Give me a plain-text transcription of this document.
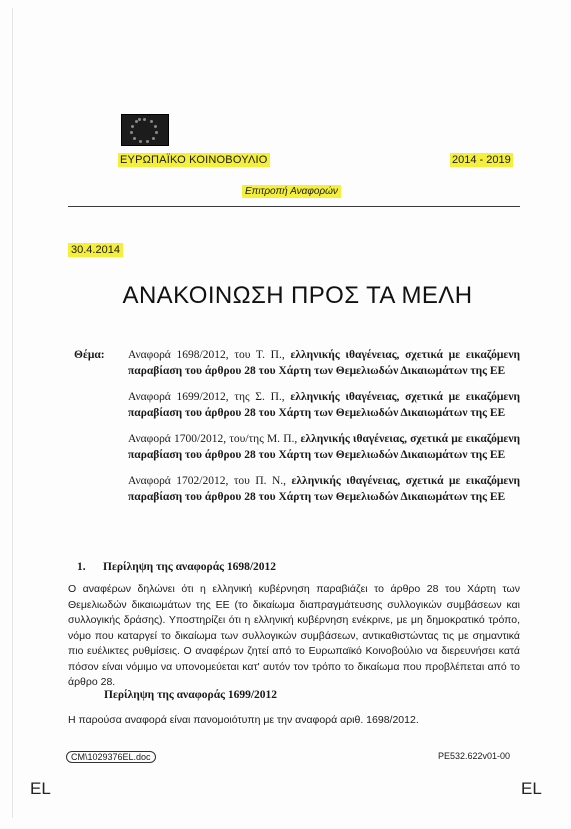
ΕΥΡΩΠΑΪΚΟ ΚΟΙΝΟΒΟΥΛΙΟ	2014 - 2019
Επιτροπή Αναφορών
30.4.2014
ΑΝΑΚΟΙΝΩΣΗ ΠΡΟΣ ΤΑ ΜΕΛΗ
Θέμα: Αναφορά 1698/2012, του Τ. Π., ελληνικής ιθαγένειας, σχετικά με εικαζόμενη παραβίαση του άρθρου 28 του Χάρτη των Θεμελιωδών Δικαιωμάτων της ΕΕ

Αναφορά 1699/2012, της Σ. Π., ελληνικής ιθαγένειας, σχετικά με εικαζόμενη παραβίαση του άρθρου 28 του Χάρτη των Θεμελιωδών Δικαιωμάτων της ΕΕ

Αναφορά 1700/2012, του/της Μ. Π., ελληνικής ιθαγένειας, σχετικά με εικαζόμενη παραβίαση του άρθρου 28 του Χάρτη των Θεμελιωδών Δικαιωμάτων της ΕΕ

Αναφορά 1702/2012, του Π. Ν., ελληνικής ιθαγένειας, σχετικά με εικαζόμενη παραβίαση του άρθρου 28 του Χάρτη των Θεμελιωδών Δικαιωμάτων της ΕΕ

1. Περίληψη της αναφοράς 1698/2012
Ο αναφέρων δηλώνει ότι η ελληνική κυβέρνηση παραβιάζει το άρθρο 28 του Χάρτη των Θεμελιωδών δικαιωμάτων της ΕΕ (το δικαίωμα διαπραγμάτευσης συλλογικών συμβάσεων και συλλογικής δράσης). Υποστηρίζει ότι η ελληνική κυβέρνηση ενέκρινε, με μη δημοκρατικό τρόπο, νόμο που καταργεί το δικαίωμα των συλλογικών συμβάσεων, αντικαθιστώντας τις με σημαντικά πιο ευέλικτες ρυθμίσεις. Ο αναφέρων ζητεί από το Ευρωπαϊκό Κοινοβούλιο να διερευνήσει κατά πόσον είναι νόμιμο να υπονομεύεται κατ' αυτόν τον τρόπο το δικαίωμα που προβλέπεται από το άρθρο 28.
Περίληψη της αναφοράς 1699/2012
Η παρούσα αναφορά είναι πανομοιότυπη με την αναφορά αριθ. 1698/2012.
CM\1029376EL.doc	PE532.622v01-00
EL	EL
